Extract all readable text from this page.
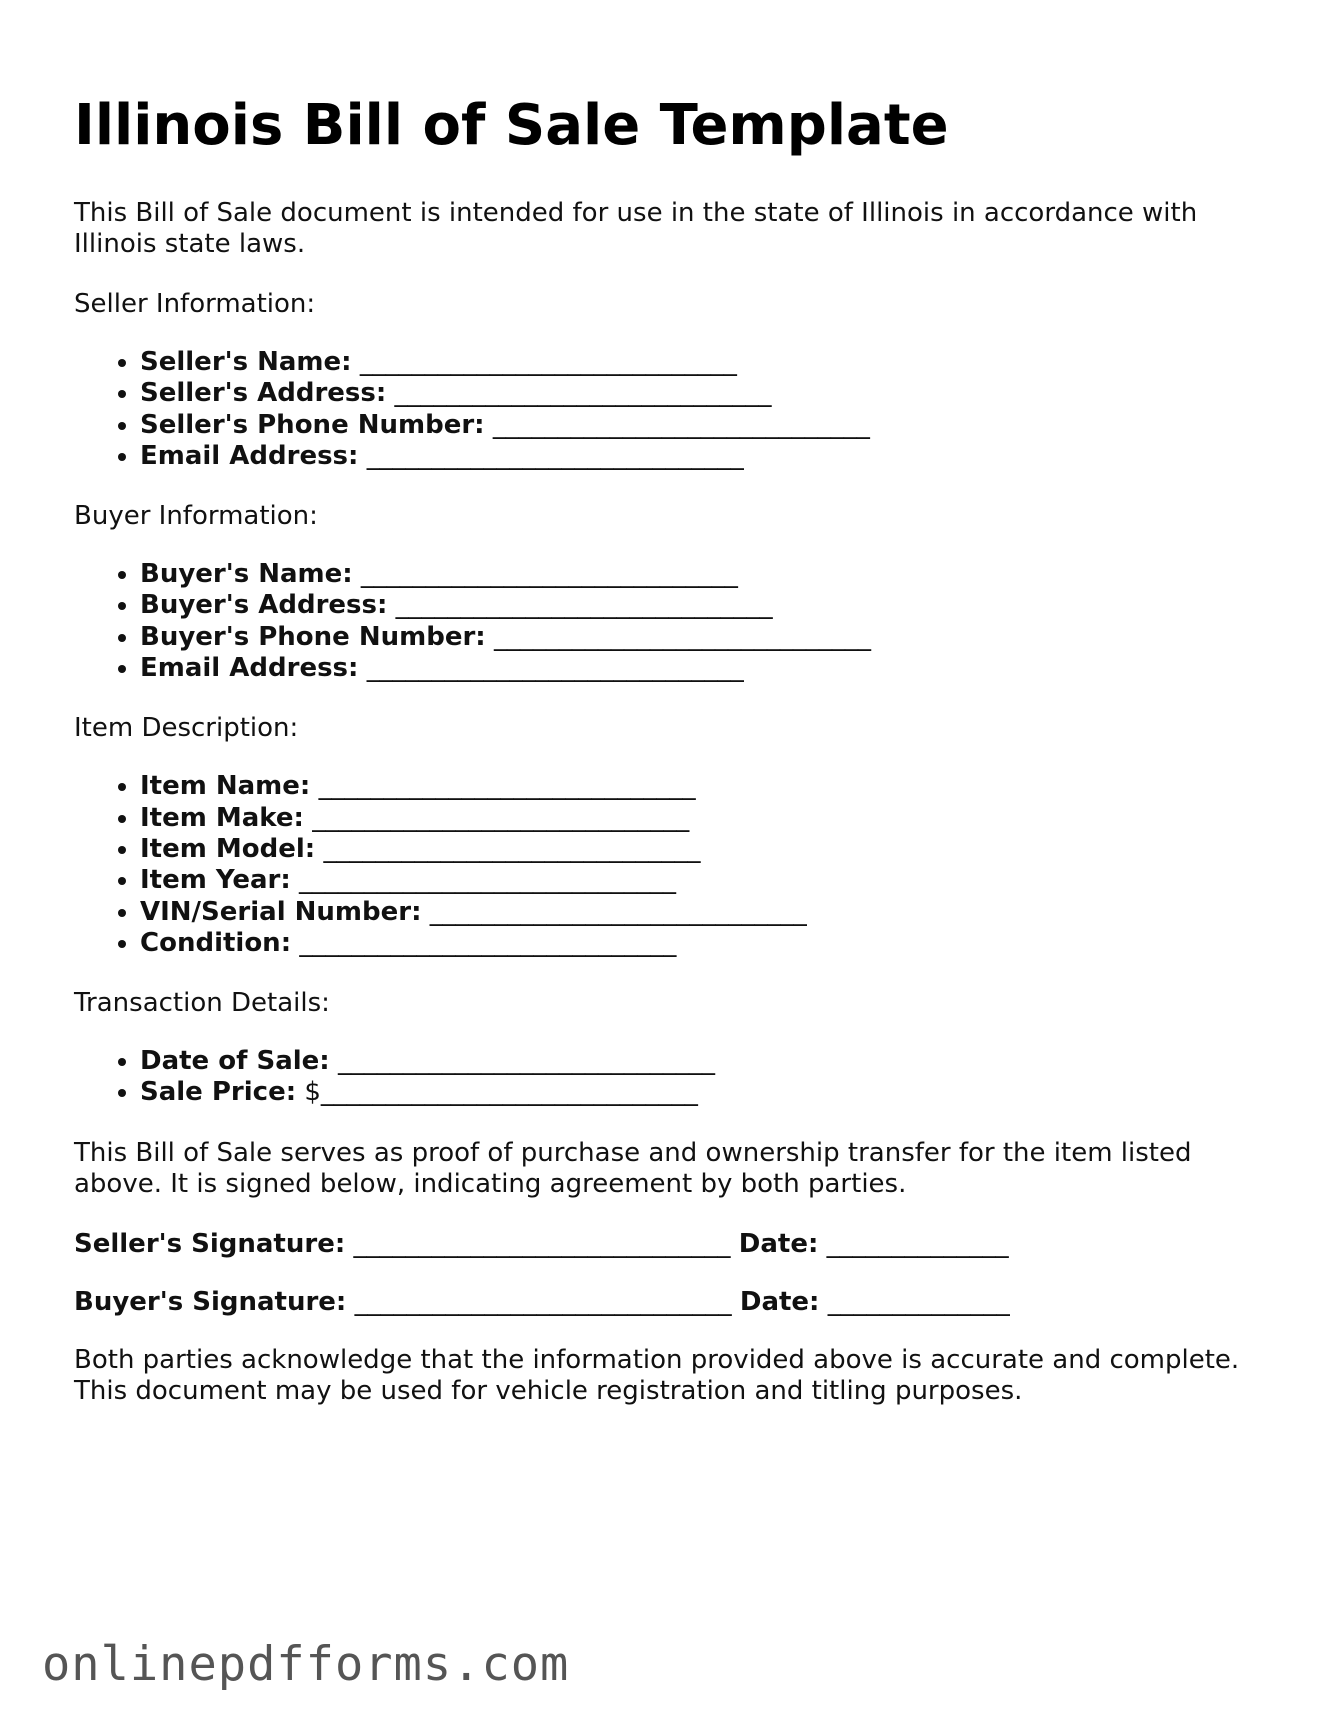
Illinois Bill of Sale Template

This Bill of Sale document is intended for use in the state of Illinois in accordance with Illinois state laws.

Seller Information:

• Seller's Name: _____________________________
• Seller's Address: _____________________________
• Seller's Phone Number: _____________________________
• Email Address: _____________________________

Buyer Information:

• Buyer's Name: _____________________________
• Buyer's Address: _____________________________
• Buyer's Phone Number: _____________________________
• Email Address: _____________________________

Item Description:

• Item Name: _____________________________
• Item Make: _____________________________
• Item Model: _____________________________
• Item Year: _____________________________
• VIN/Serial Number: _____________________________
• Condition: _____________________________

Transaction Details:

• Date of Sale: _____________________________
• Sale Price: $_____________________________

This Bill of Sale serves as proof of purchase and ownership transfer for the item listed above. It is signed below, indicating agreement by both parties.

Seller's Signature: _____________________________ Date: ______________
Buyer's Signature: _____________________________ Date: ______________

Both parties acknowledge that the information provided above is accurate and complete. This document may be used for vehicle registration and titling purposes.

onlinepdfforms.com
